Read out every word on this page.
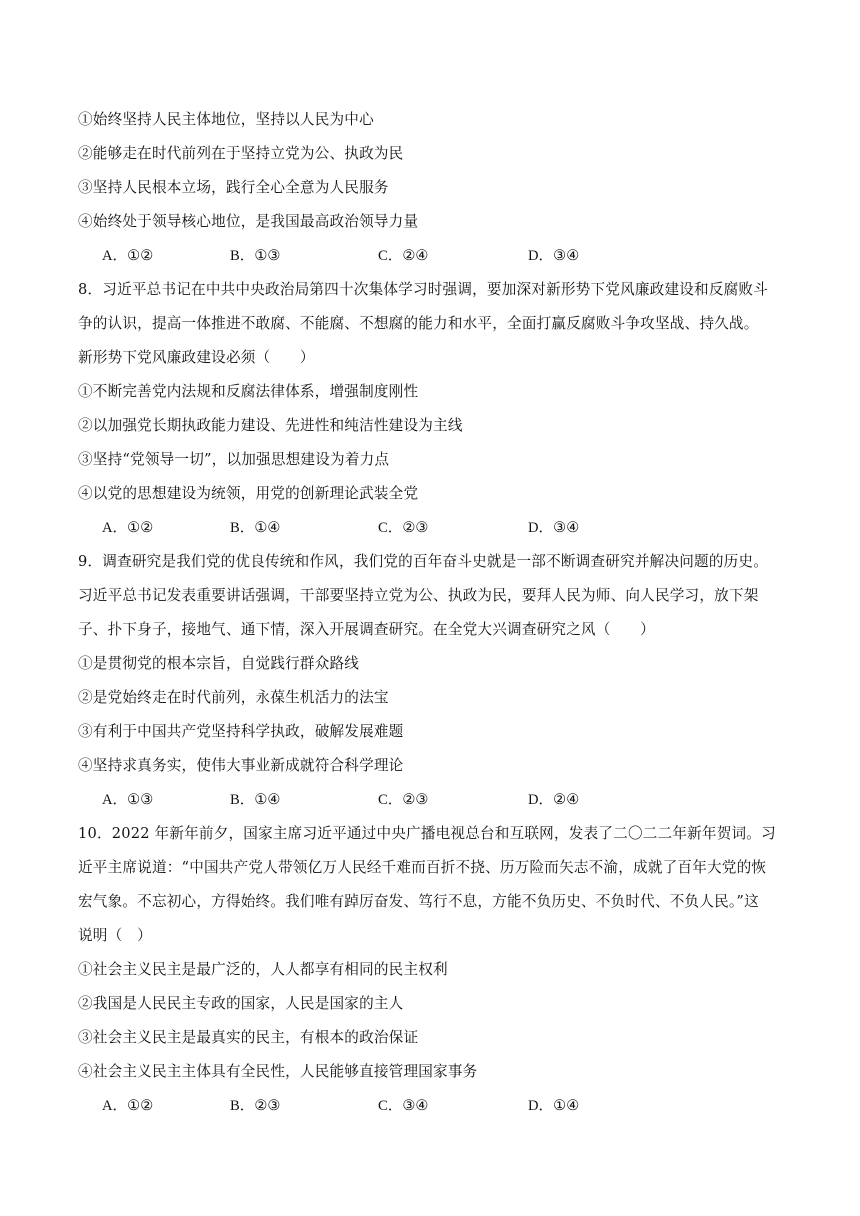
①始终坚持人民主体地位，坚持以人民为中心
②能够走在时代前列在于坚持立党为公、执政为民
③坚持人民根本立场，践行全心全意为人民服务
④始终处于领导核心地位，是我国最高政治领导力量
A．①②	B．①③	C．②④	D．③④
8．习近平总书记在中共中央政治局第四十次集体学习时强调，要加深对新形势下党风廉政建设和反腐败斗
争的认识，提高一体推进不敢腐、不能腐、不想腐的能力和水平，全面打赢反腐败斗争攻坚战、持久战。
新形势下党风廉政建设必须（　　）
①不断完善党内法规和反腐法律体系，增强制度刚性
②以加强党长期执政能力建设、先进性和纯洁性建设为主线
③坚持“党领导一切”，以加强思想建设为着力点
④以党的思想建设为统领，用党的创新理论武装全党
A．①②	B．①④	C．②③	D．③④
9．调查研究是我们党的优良传统和作风，我们党的百年奋斗史就是一部不断调查研究并解决问题的历史。
习近平总书记发表重要讲话强调，干部要坚持立党为公、执政为民，要拜人民为师、向人民学习，放下架
子、扑下身子，接地气、通下情，深入开展调查研究。在全党大兴调查研究之风（　　）
①是贯彻党的根本宗旨，自觉践行群众路线
②是党始终走在时代前列，永葆生机活力的法宝
③有利于中国共产党坚持科学执政，破解发展难题
④坚持求真务实，使伟大事业新成就符合科学理论
A．①③	B．①④	C．②③	D．②④
10．2022 年新年前夕，国家主席习近平通过中央广播电视总台和互联网，发表了二〇二二年新年贺词。习
近平主席说道：“中国共产党人带领亿万人民经千难而百折不挠、历万险而矢志不渝，成就了百年大党的恢
宏气象。不忘初心，方得始终。我们唯有踔厉奋发、笃行不息，方能不负历史、不负时代、不负人民。”这
说明（　）
①社会主义民主是最广泛的，人人都享有相同的民主权利
②我国是人民民主专政的国家，人民是国家的主人
③社会主义民主是最真实的民主，有根本的政治保证
④社会主义民主主体具有全民性，人民能够直接管理国家事务
A．①②	B．②③	C．③④	D．①④
